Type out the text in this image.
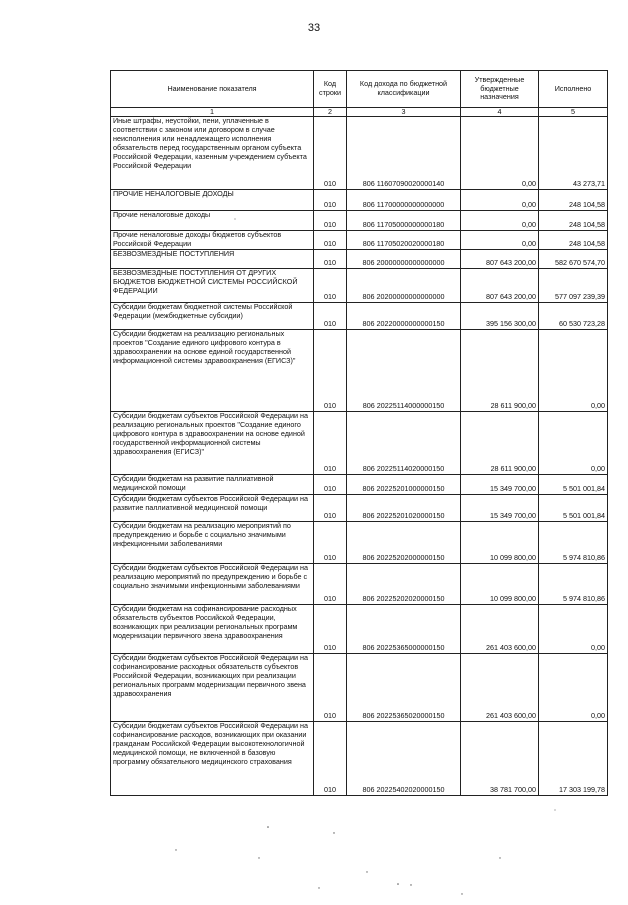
33
Наименование показателя	Код строки	Код дохода по бюджетной классификации	Утвержденные бюджетные назначения	Исполнено
1	2	3	4	5
Иные штрафы, неустойки, пени, уплаченные в соответствии с законом или договором в случае неисполнения или ненадлежащего исполнения обязательств перед государственным органом субъекта Российской Федерации, казенным учреждением субъекта Российской Федерации	010	806 11607090020000140	0,00	43 273,71
ПРОЧИЕ НЕНАЛОГОВЫЕ ДОХОДЫ	010	806 11700000000000000	0,00	248 104,58
Прочие неналоговые доходы	010	806 11705000000000180	0,00	248 104,58
Прочие неналоговые доходы бюджетов субъектов Российской Федерации	010	806 11705020020000180	0,00	248 104,58
БЕЗВОЗМЕЗДНЫЕ ПОСТУПЛЕНИЯ	010	806 20000000000000000	807 643 200,00	582 670 574,70
БЕЗВОЗМЕЗДНЫЕ ПОСТУПЛЕНИЯ ОТ ДРУГИХ БЮДЖЕТОВ БЮДЖЕТНОЙ СИСТЕМЫ РОССИЙСКОЙ ФЕДЕРАЦИИ	010	806 20200000000000000	807 643 200,00	577 097 239,39
Субсидии бюджетам бюджетной системы Российской Федерации (межбюджетные субсидии)	010	806 20220000000000150	395 156 300,00	60 530 723,28
Субсидии бюджетам на реализацию региональных проектов "Создание единого цифрового контура в здравоохранении на основе единой государственной информационной системы здравоохранения (ЕГИСЗ)"	010	806 20225114000000150	28 611 900,00	0,00
Субсидии бюджетам субъектов Российской Федерации на реализацию региональных проектов "Создание единого цифрового контура в здравоохранении на основе единой государственной информационной системы здравоохранения (ЕГИСЗ)"	010	806 20225114020000150	28 611 900,00	0,00
Субсидии бюджетам на развитие паллиативной медицинской помощи	010	806 20225201000000150	15 349 700,00	5 501 001,84
Субсидии бюджетам субъектов Российской Федерации на развитие паллиативной медицинской помощи	010	806 20225201020000150	15 349 700,00	5 501 001,84
Субсидии бюджетам на реализацию мероприятий по предупреждению и борьбе с социально значимыми инфекционными заболеваниями	010	806 20225202000000150	10 099 800,00	5 974 810,86
Субсидии бюджетам субъектов Российской Федерации на реализацию мероприятий по предупреждению и борьбе с социально значимыми инфекционными заболеваниями	010	806 20225202020000150	10 099 800,00	5 974 810,86
Субсидии бюджетам на софинансирование расходных обязательств субъектов Российской Федерации, возникающих при реализации региональных программ модернизации первичного звена здравоохранения	010	806 20225365000000150	261 403 600,00	0,00
Субсидии бюджетам субъектов Российской Федерации на софинансирование расходных обязательств субъектов Российской Федерации, возникающих при реализации региональных программ модернизации первичного звена здравоохранения	010	806 20225365020000150	261 403 600,00	0,00
Субсидии бюджетам субъектов Российской Федерации на софинансирование расходов, возникающих при оказании гражданам Российской Федерации высокотехнологичной медицинской помощи, не включенной в базовую программу обязательного медицинского страхования	010	806 20225402020000150	38 781 700,00	17 303 199,78
